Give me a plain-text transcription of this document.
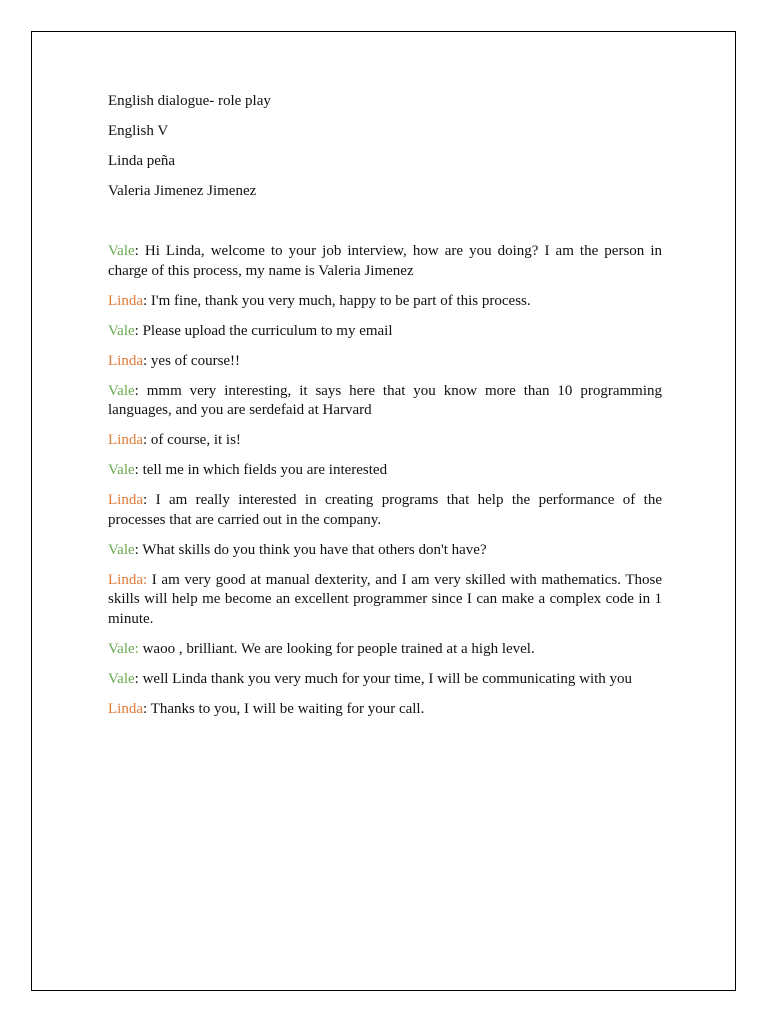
English dialogue- role play

English V

Linda peña

Valeria Jimenez Jimenez

Vale: Hi Linda, welcome to your job interview, how are you doing? I am the person in charge of this process, my name is Valeria Jimenez

Linda: I'm fine, thank you very much, happy to be part of this process.

Vale: Please upload the curriculum to my email

Linda: yes of course!!

Vale: mmm very interesting, it says here that you know more than 10 programming languages, and you are serdefaid at Harvard

Linda: of course, it is!

Vale: tell me in which fields you are interested

Linda: I am really interested in creating programs that help the performance of the processes that are carried out in the company.

Vale: What skills do you think you have that others don't have?

Linda: I am very good at manual dexterity, and I am very skilled with mathematics. Those skills will help me become an excellent programmer since I can make a complex code in 1 minute.

Vale: waoo , brilliant. We are looking for people trained at a high level.

Vale: well Linda thank you very much for your time, I will be communicating with you

Linda: Thanks to you, I will be waiting for your call.
